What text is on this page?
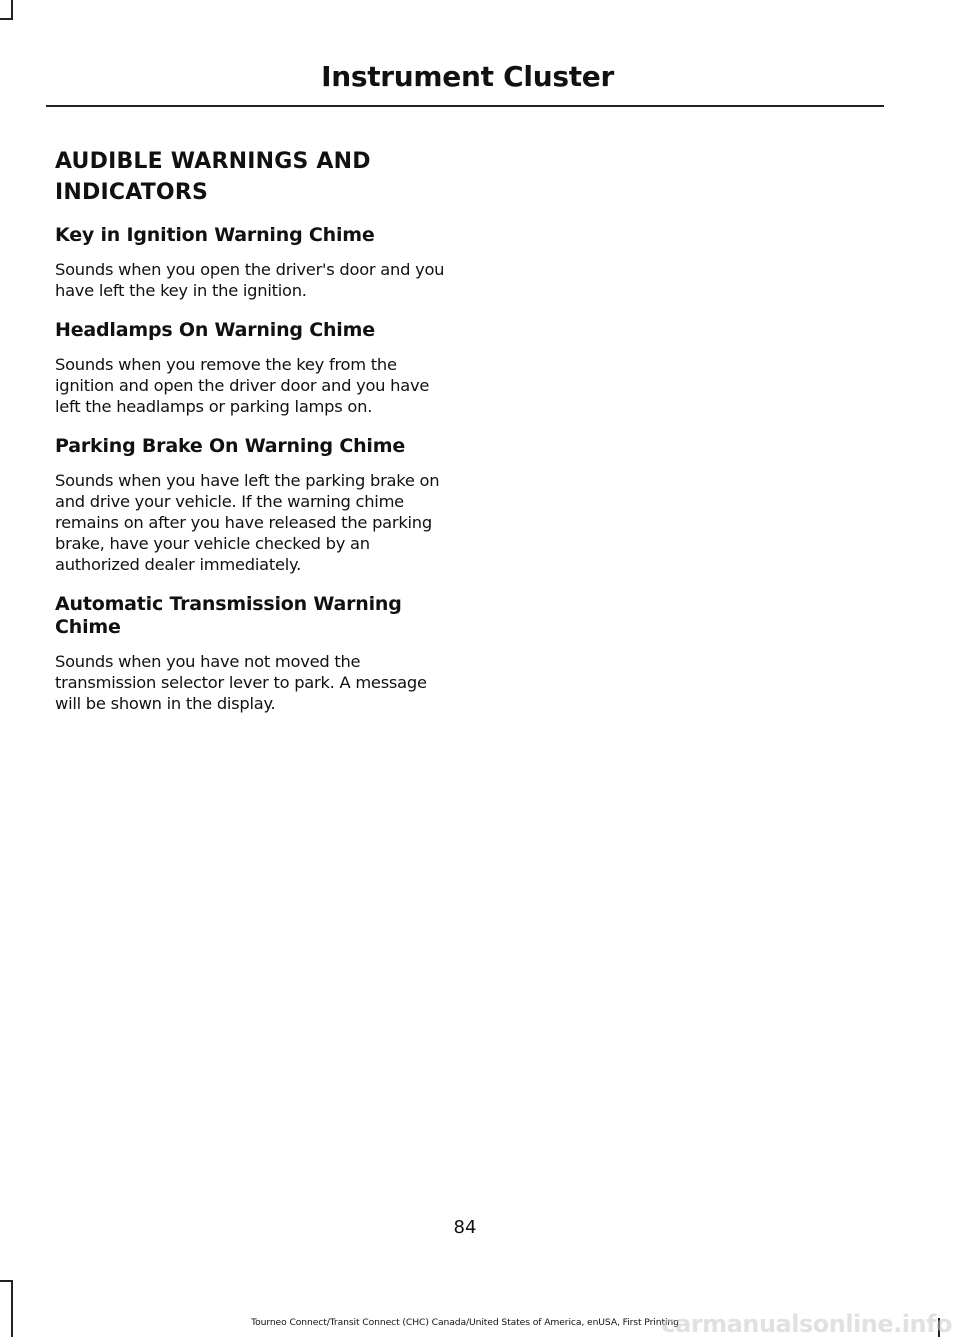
Instrument Cluster
AUDIBLE WARNINGS AND INDICATORS
Key in Ignition Warning Chime

Sounds when you open the driver's door and you have left the key in the ignition.

Headlamps On Warning Chime

Sounds when you remove the key from the ignition and open the driver door and you have left the headlamps or parking lamps on.

Parking Brake On Warning Chime

Sounds when you have left the parking brake on and drive your vehicle. If the warning chime remains on after you have released the parking brake, have your vehicle checked by an authorized dealer immediately.

Automatic Transmission Warning Chime

Sounds when you have not moved the transmission selector lever to park. A message will be shown in the display.

84
Tourneo Connect/Transit Connect (CHC) Canada/United States of America, enUSA, First Printing
carmanualsonline.info
